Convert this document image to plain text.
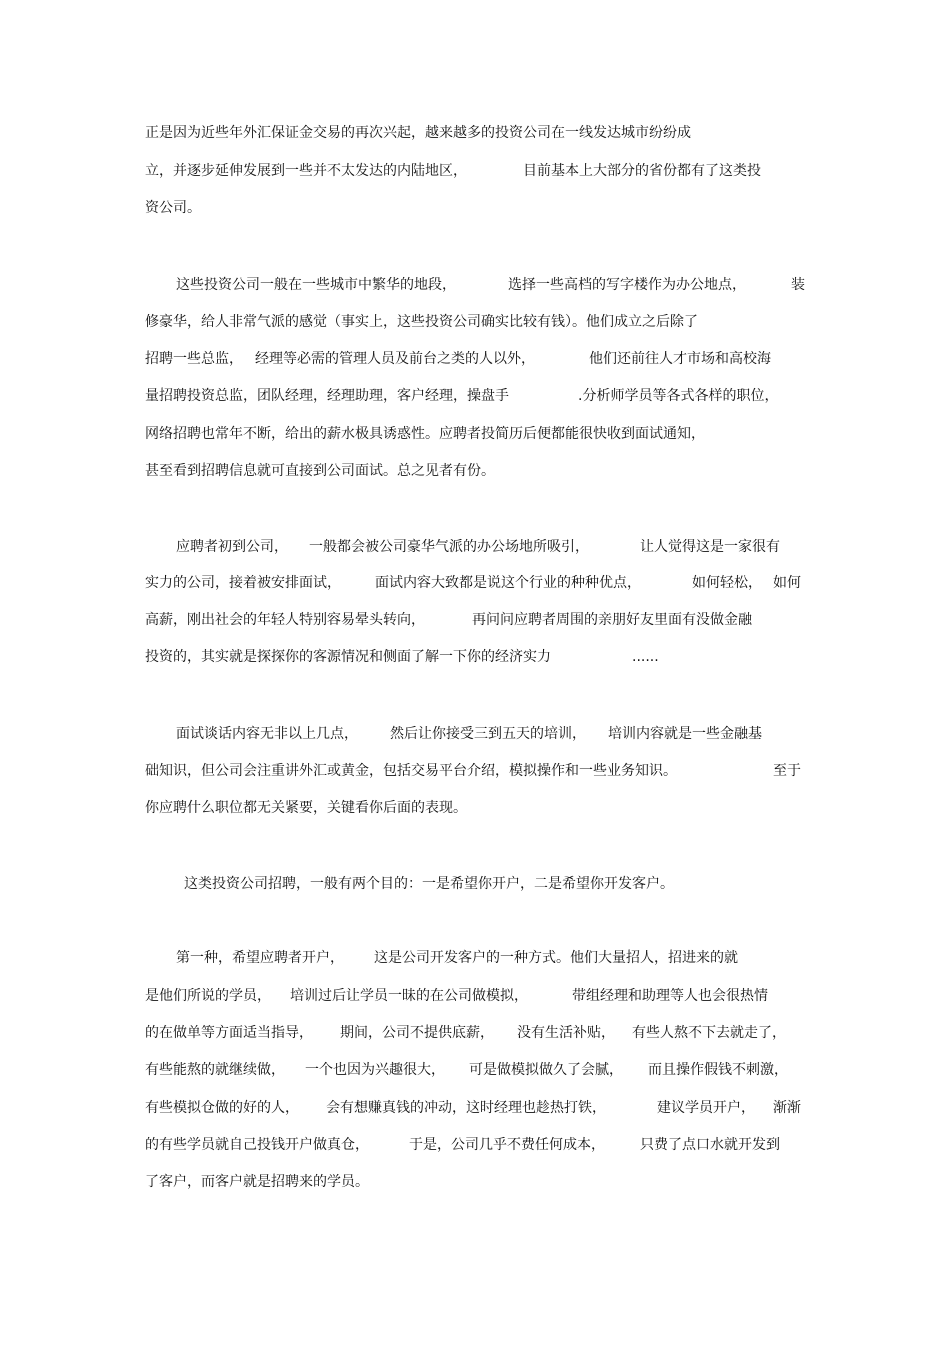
正是因为近些年外汇保证金交易的再次兴起，越来越多的投资公司在一线发达城市纷纷成
立，并逐步延伸发展到一些并不太发达的内陆地区，	目前基本上大部分的省份都有了这类投
资公司。
这些投资公司一般在一些城市中繁华的地段，	选择一些高档的写字楼作为办公地点，	装
修豪华，给人非常气派的感觉（事实上，这些投资公司确实比较有钱）。他们成立之后除了
招聘一些总监， 经理等必需的管理人员及前台之类的人以外，	他们还前往人才市场和高校海
量招聘投资总监，团队经理，经理助理，客户经理，操盘手	.分析师学员等各式各样的职位，
网络招聘也常年不断，给出的薪水极具诱惑性。应聘者投简历后便都能很快收到面试通知，
甚至看到招聘信息就可直接到公司面试。总之见者有份。
应聘者初到公司， 一般都会被公司豪华气派的办公场地所吸引，	让人觉得这是一家很有
实力的公司，接着被安排面试， 面试内容大致都是说这个行业的种种优点，	如何轻松， 如何
高薪，刚出社会的年轻人特别容易晕头转向，	再问问应聘者周围的亲朋好友里面有没做金融
投资的，其实就是探探你的客源情况和侧面了解一下你的经济实力	......
面试谈话内容无非以上几点， 然后让你接受三到五天的培训， 培训内容就是一些金融基
础知识，但公司会注重讲外汇或黄金，包括交易平台介绍，模拟操作和一些业务知识。	至于
你应聘什么职位都无关紧要，关键看你后面的表现。
这类投资公司招聘，一般有两个目的：一是希望你开户，二是希望你开发客户。
第一种，希望应聘者开户， 这是公司开发客户的一种方式。他们大量招人，招进来的就
是他们所说的学员， 培训过后让学员一昧的在公司做模拟，	带组经理和助理等人也会很热情
的在做单等方面适当指导， 期间，公司不提供底薪， 没有生活补贴， 有些人熬不下去就走了，
有些能熬的就继续做， 一个也因为兴趣很大， 可是做模拟做久了会腻， 而且操作假钱不刺激，
有些模拟仓做的好的人， 会有想赚真钱的冲动，这时经理也趁热打铁，	建议学员开户， 渐渐
的有些学员就自己投钱开户做真仓，	于是，公司几乎不费任何成本，	只费了点口水就开发到
了客户，而客户就是招聘来的学员。
